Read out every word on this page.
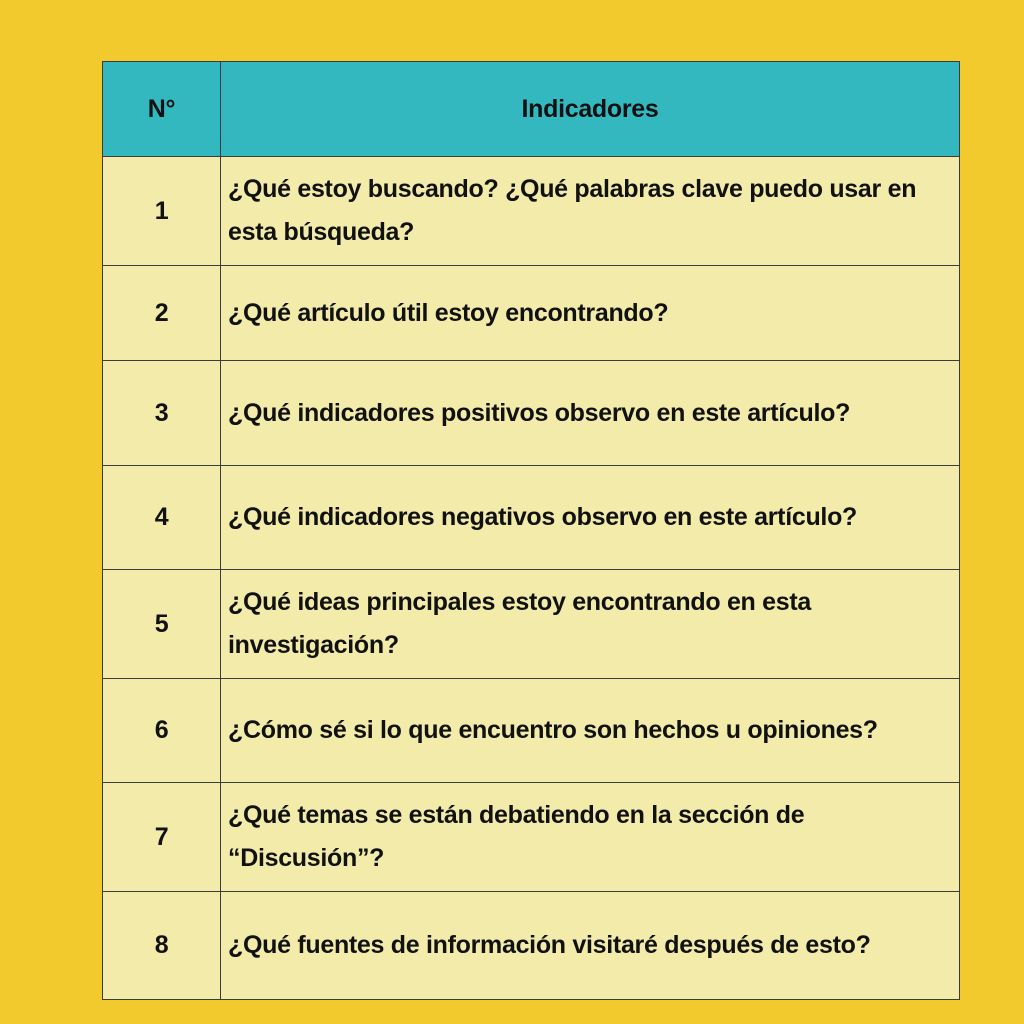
N°	Indicadores
1	¿Qué estoy buscando? ¿Qué palabras clave puedo usar en esta búsqueda?
2	¿Qué artículo útil estoy encontrando?
3	¿Qué indicadores positivos observo en este artículo?
4	¿Qué indicadores negativos observo en este artículo?
5	¿Qué ideas principales estoy encontrando en esta investigación?
6	¿Cómo sé si lo que encuentro son hechos u opiniones?
7	¿Qué temas se están debatiendo en la sección de “Discusión”?
8	¿Qué fuentes de información visitaré después de esto?
